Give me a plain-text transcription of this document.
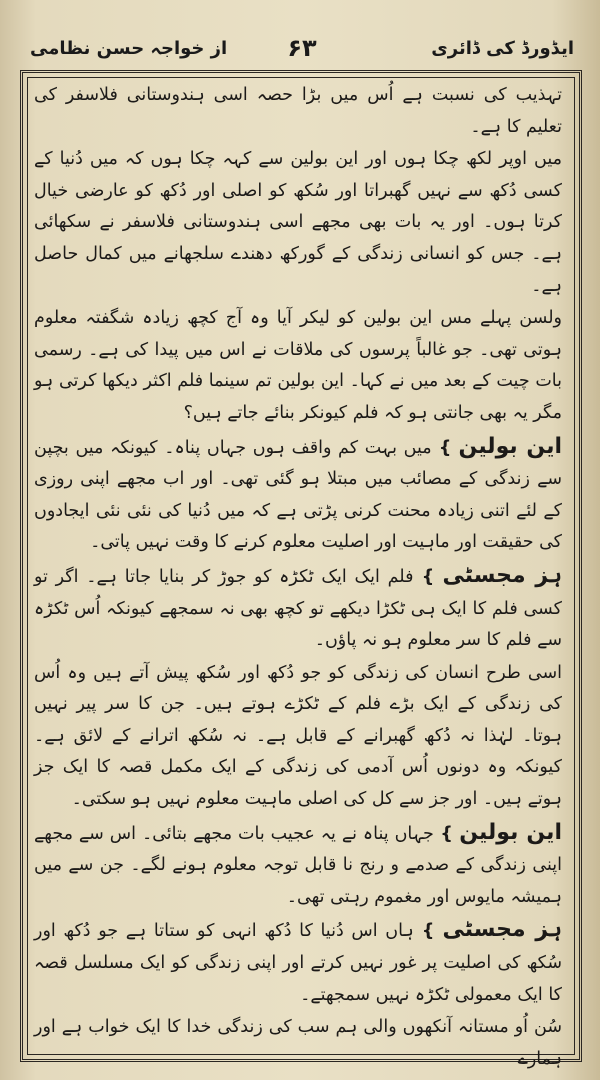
ایڈورڈ کی ڈائری
۶۳
از خواجہ حسن نظامی

تہذیب کی نسبت ہے اُس میں بڑا حصہ اسی ہندوستانی فلاسفر کی تعلیم کا ہے۔

میں اوپر لکھ چکا ہوں اور این بولین سے کہہ چکا ہوں کہ میں دُنیا کے کسی دُکھ سے نہیں گھبراتا اور سُکھ کو اصلی اور دُکھ کو عارضی خیال کرتا ہوں۔ اور یہ بات بھی مجھے اسی ہندوستانی فلاسفر نے سکھائی ہے۔ جس کو انسانی زندگی کے گورکھ دھندے سلجھانے میں کمال حاصل ہے۔

ولسن پہلے مس این بولین کو لیکر آیا وہ آج کچھ زیادہ شگفتہ معلوم ہوتی تھی۔ جو غالباً پرسوں کی ملاقات نے اس میں پیدا کی ہے۔ رسمی بات چیت کے بعد میں نے کہا۔ این بولین تم سینما فلم اکثر دیکھا کرتی ہو مگر یہ بھی جانتی ہو کہ فلم کیونکر بنائے جاتے ہیں؟

این بولین } میں بہت کم واقف ہوں جہاں پناہ۔ کیونکہ میں بچپن سے زندگی کے مصائب میں مبتلا ہو گئی تھی۔ اور اب مجھے اپنی روزی کے لئے اتنی زیادہ محنت کرنی پڑتی ہے کہ میں دُنیا کی نئی نئی ایجادوں کی حقیقت اور ماہیت اور اصلیت معلوم کرنے کا وقت نہیں پاتی۔

ہز مجسٹی } فلم ایک ایک ٹکڑہ کو جوڑ کر بنایا جاتا ہے۔ اگر تو کسی فلم کا ایک ہی ٹکڑا دیکھے تو کچھ بھی نہ سمجھے کیونکہ اُس ٹکڑہ سے فلم کا سر معلوم ہو نہ پاؤں۔

اسی طرح انسان کی زندگی کو جو دُکھ اور سُکھ پیش آتے ہیں وہ اُس کی زندگی کے ایک بڑے فلم کے ٹکڑے ہوتے ہیں۔ جن کا سر پیر نہیں ہوتا۔ لہٰذا نہ دُکھ گھبرانے کے قابل ہے۔ نہ سُکھ اترانے کے لائق ہے۔ کیونکہ وہ دونوں اُس آدمی کی زندگی کے ایک مکمل قصہ کا ایک جز ہوتے ہیں۔ اور جز سے کل کی اصلی ماہیت معلوم نہیں ہو سکتی۔

این بولین } جہاں پناہ نے یہ عجیب بات مجھے بتائی۔ اس سے مجھے اپنی زندگی کے صدمے و رنج نا قابل توجہ معلوم ہونے لگے۔ جن سے میں ہمیشہ مایوس اور مغموم رہتی تھی۔

ہز مجسٹی } ہاں اس دُنیا کا دُکھ انہی کو ستاتا ہے جو دُکھ اور سُکھ کی اصلیت پر غور نہیں کرتے اور اپنی زندگی کو ایک مسلسل قصہ کا ایک معمولی ٹکڑہ نہیں سمجھتے۔

سُن اُو مستانہ آنکھوں والی ہم سب کی زندگی خدا کا ایک خواب ہے اور ہمارے
